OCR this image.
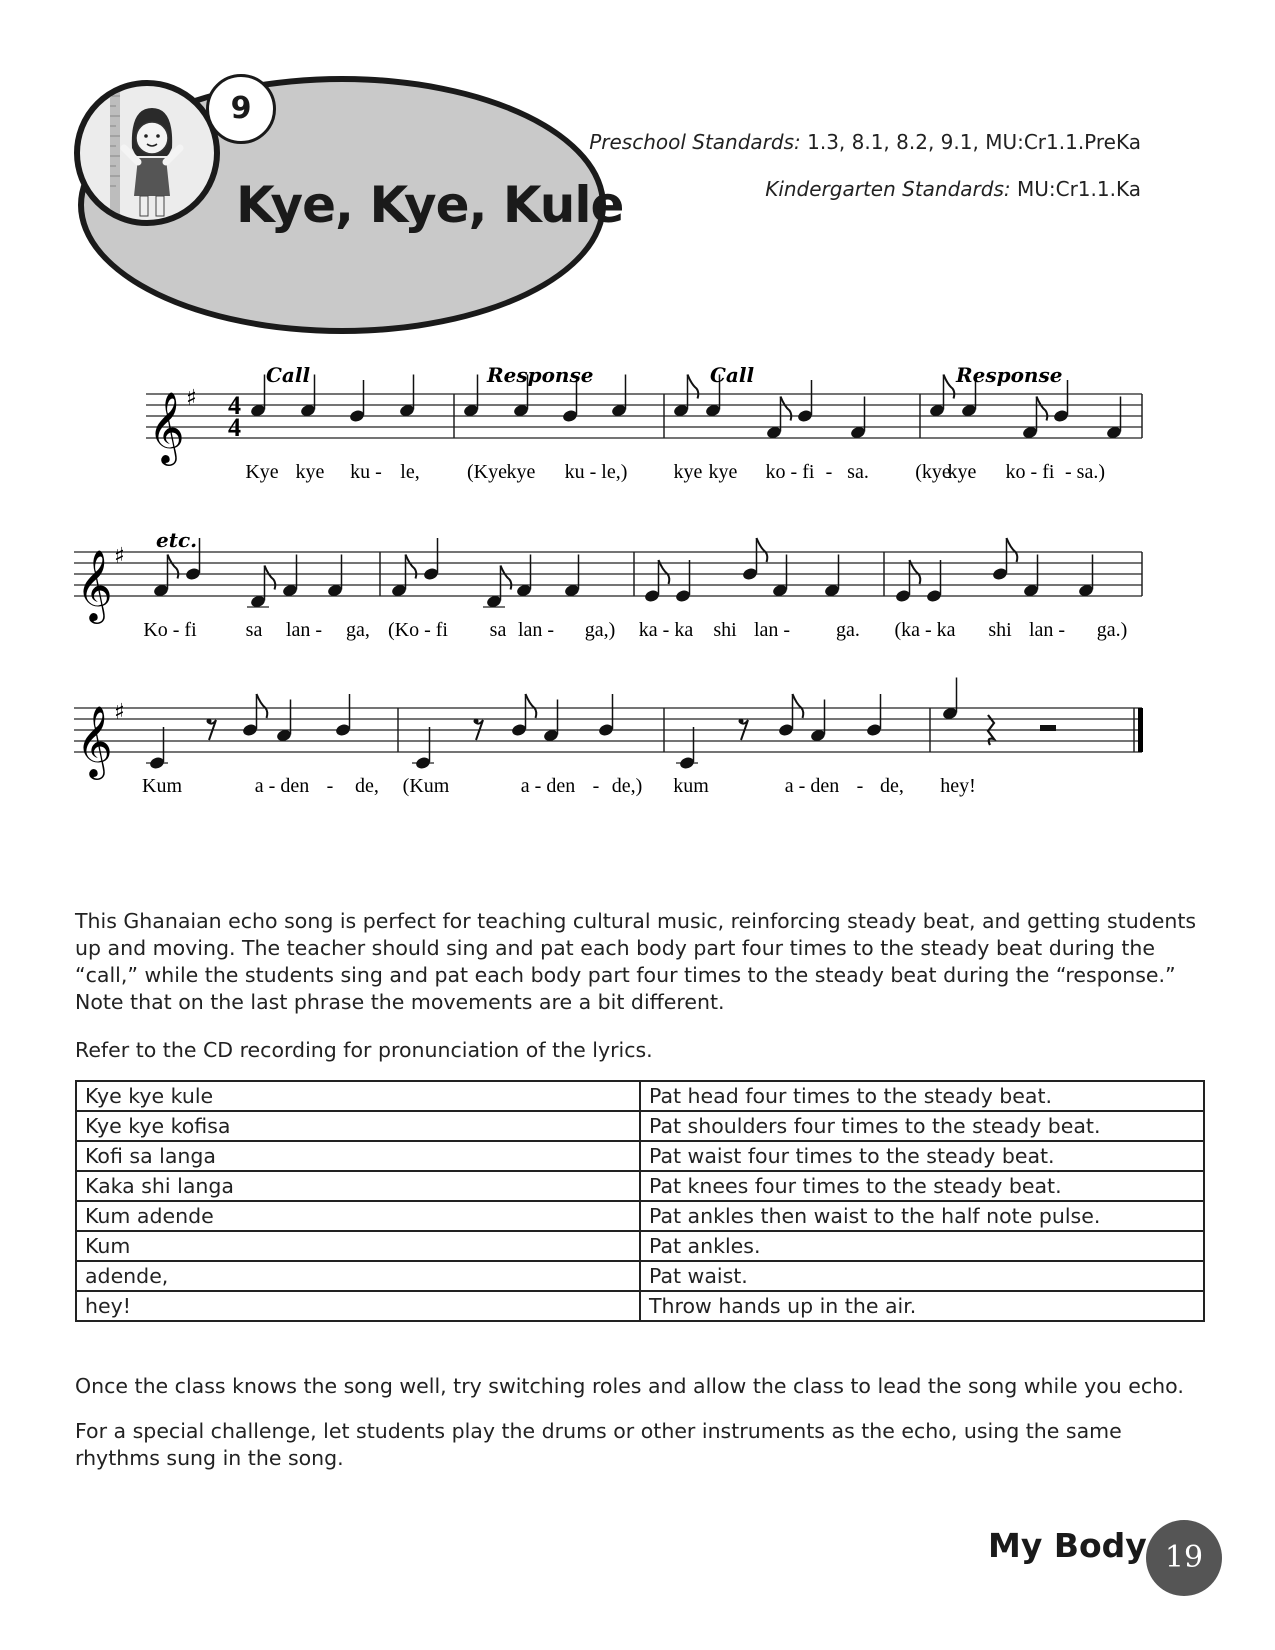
9
Kye, Kye, Kule
Preschool Standards: 1.3, 8.1, 8.2, 9.1, MU:Cr1.1.PreKa
Kindergarten Standards: MU:Cr1.1.Ka
𝄞 ♯
𝄞 ♯
𝄞 ♯
Call	Response	Call	Response
etc.
4
4
Kye kye ku - le, (Kye kye ku - le,) kye kye ko - fi - sa. (kye
kye ko - fi - sa.)
Ko - fi sa lan - ga, (Ko - fi sa lan - ga,) ka - ka shi lan - ga. (ka - ka shi lan - ga.)
Kum	a - den - de, (Kum	a - den - de,) kum	a - den - de, hey!
This Ghanaian echo song is perfect for teaching cultural music, reinforcing steady beat, and getting students up and moving. The teacher should sing and pat each body part four times to the steady beat during the “call,” while the students sing and pat each body part four times to the steady beat during the “response.” Note that on the last phrase the movements are a bit different.
Refer to the CD recording for pronunciation of the lyrics.
Kye kye kule	Pat head four times to the steady beat.
Kye kye kofisa	Pat shoulders four times to the steady beat.
Kofi sa langa	Pat waist four times to the steady beat.
Kaka shi langa	Pat knees four times to the steady beat.
Kum adende	Pat ankles then waist to the half note pulse.
Kum	Pat ankles.
adende,	Pat waist.
hey!	Throw hands up in the air.
Once the class knows the song well, try switching roles and allow the class to lead the song while you echo.
For a special challenge, let students play the drums or other instruments as the echo, using the same rhythms sung in the song.
My Body 19
